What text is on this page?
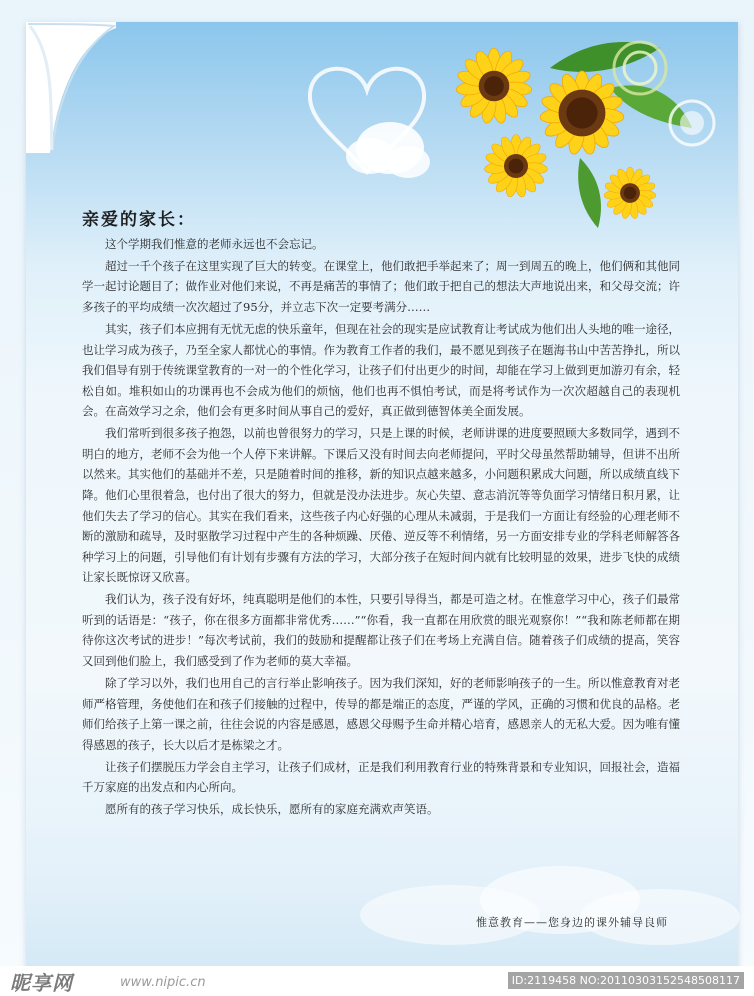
亲爱的家长：

这个学期我们惟意的老师永远也不会忘记。

超过一千个孩子在这里实现了巨大的转变。在课堂上，他们敢把手举起来了；周一到周五的晚上，他们俩和其他同学一起讨论题目了；做作业对他们来说，不再是痛苦的事情了；他们敢于把自己的想法大声地说出来，和父母交流；许多孩子的平均成绩一次次超过了95分，并立志下次一定要考满分……

其实，孩子们本应拥有无忧无虑的快乐童年，但现在社会的现实是应试教育让考试成为他们出人头地的唯一途径，也让学习成为孩子，乃至全家人都忧心的事情。作为教育工作者的我们，最不愿见到孩子在题海书山中苦苦挣扎，所以我们倡导有别于传统课堂教育的一对一的个性化学习，让孩子们付出更少的时间，却能在学习上做到更加游刃有余，轻松自如。堆积如山的功课再也不会成为他们的烦恼，他们也再不惧怕考试，而是将考试作为一次次超越自己的表现机会。在高效学习之余，他们会有更多时间从事自己的爱好，真正做到德智体美全面发展。

我们常听到很多孩子抱怨，以前也曾很努力的学习，只是上课的时候，老师讲课的进度要照顾大多数同学，遇到不明白的地方，老师不会为他一个人停下来讲解。下课后又没有时间去向老师提问，平时父母虽然帮助辅导，但讲不出所以然来。其实他们的基础并不差，只是随着时间的推移，新的知识点越来越多，小问题积累成大问题，所以成绩直线下降。他们心里很着急，也付出了很大的努力，但就是没办法进步。灰心失望、意志消沉等等负面学习情绪日积月累，让他们失去了学习的信心。其实在我们看来，这些孩子内心好强的心理从未减弱，于是我们一方面让有经验的心理老师不断的激励和疏导，及时驱散学习过程中产生的各种烦躁、厌倦、逆反等不利情绪，另一方面安排专业的学科老师解答各种学习上的问题，引导他们有计划有步骤有方法的学习，大部分孩子在短时间内就有比较明显的效果，进步飞快的成绩让家长既惊讶又欣喜。

我们认为，孩子没有好坏，纯真聪明是他们的本性，只要引导得当，都是可造之材。在惟意学习中心，孩子们最常听到的话语是：“孩子，你在很多方面都非常优秀……”“你看，我一直都在用欣赏的眼光观察你！”“我和陈老师都在期待你这次考试的进步！”每次考试前，我们的鼓励和提醒都让孩子们在考场上充满自信。随着孩子们成绩的提高，笑容又回到他们脸上，我们感受到了作为老师的莫大幸福。

除了学习以外，我们也用自己的言行举止影响孩子。因为我们深知，好的老师影响孩子的一生。所以惟意教育对老师严格管理，务使他们在和孩子们接触的过程中，传导的都是端正的态度，严谨的学风，正确的习惯和优良的品格。老师们给孩子上第一课之前，往往会说的内容是感恩，感恩父母赐予生命并精心培育，感恩亲人的无私大爱。因为唯有懂得感恩的孩子，长大以后才是栋梁之才。

让孩子们摆脱压力学会自主学习，让孩子们成材，正是我们利用教育行业的特殊背景和专业知识，回报社会，造福千万家庭的出发点和内心所向。

愿所有的孩子学习快乐，成长快乐，愿所有的家庭充满欢声笑语。

惟意教育——您身边的课外辅导良师
昵享网	www.nipic.cn	ID:2119458 NO:20110303152548508117
